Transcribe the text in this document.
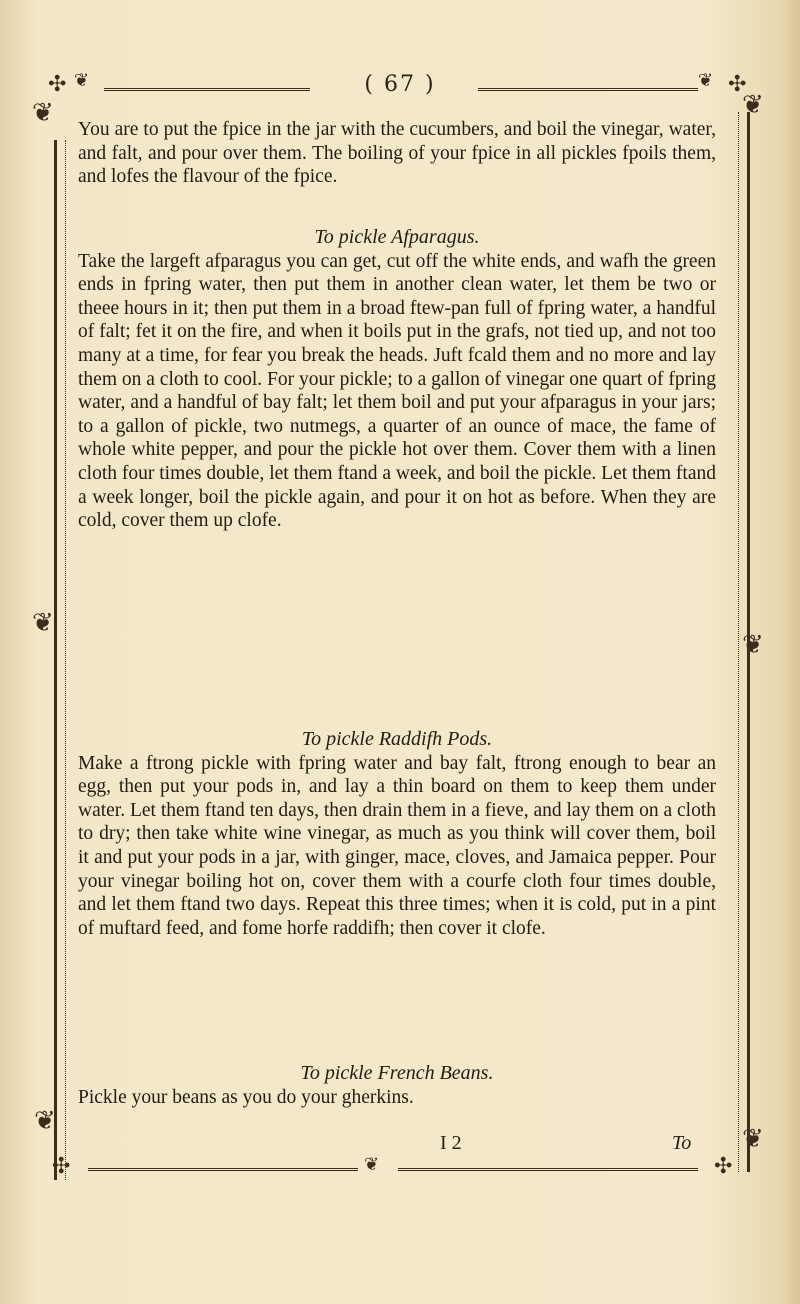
✣ ❦	❦ ✣
( 67 )
❦
❦
❦
❦
❦
❦

You are to put the fpice in the jar with the cucumbers, and boil the vinegar, water, and falt, and pour over them. The boiling of your fpice in all pickles fpoils them, and lofes the flavour of the fpice.

To pickle Afparagus.

Take the largeft afparagus you can get, cut off the white ends, and wafh the green ends in fpring water, then put them in another clean water, let them be two or theee hours in it; then put them in a broad ftew-pan full of fpring water, a handful of falt; fet it on the fire, and when it boils put in the grafs, not tied up, and not too many at a time, for fear you break the heads. Juft fcald them and no more and lay them on a cloth to cool. For your pickle; to a gallon of vinegar one quart of fpring water, and a handful of bay falt; let them boil and put your afparagus in your jars; to a gallon of pickle, two nutmegs, a quarter of an ounce of mace, the fame of whole white pepper, and pour the pickle hot over them. Cover them with a linen cloth four times double, let them ftand a week, and boil the pickle. Let them ftand a week longer, boil the pickle again, and pour it on hot as before. When they are cold, cover them up clofe.

To pickle Raddifh Pods.

Make a ftrong pickle with fpring water and bay falt, ftrong enough to bear an egg, then put your pods in, and lay a thin board on them to keep them under water. Let them ftand ten days, then drain them in a fieve, and lay them on a cloth to dry; then take white wine vinegar, as much as you think will cover them, boil it and put your pods in a jar, with ginger, mace, cloves, and Jamaica pepper. Pour your vinegar boiling hot on, cover them with a courfe cloth four times double, and let them ftand two days. Repeat this three times; when it is cold, put in a pint of muftard feed, and fome horfe raddifh; then cover it clofe.

To pickle French Beans.

Pickle your beans as you do your gherkins.

I 2	To
✣	❦	✣
